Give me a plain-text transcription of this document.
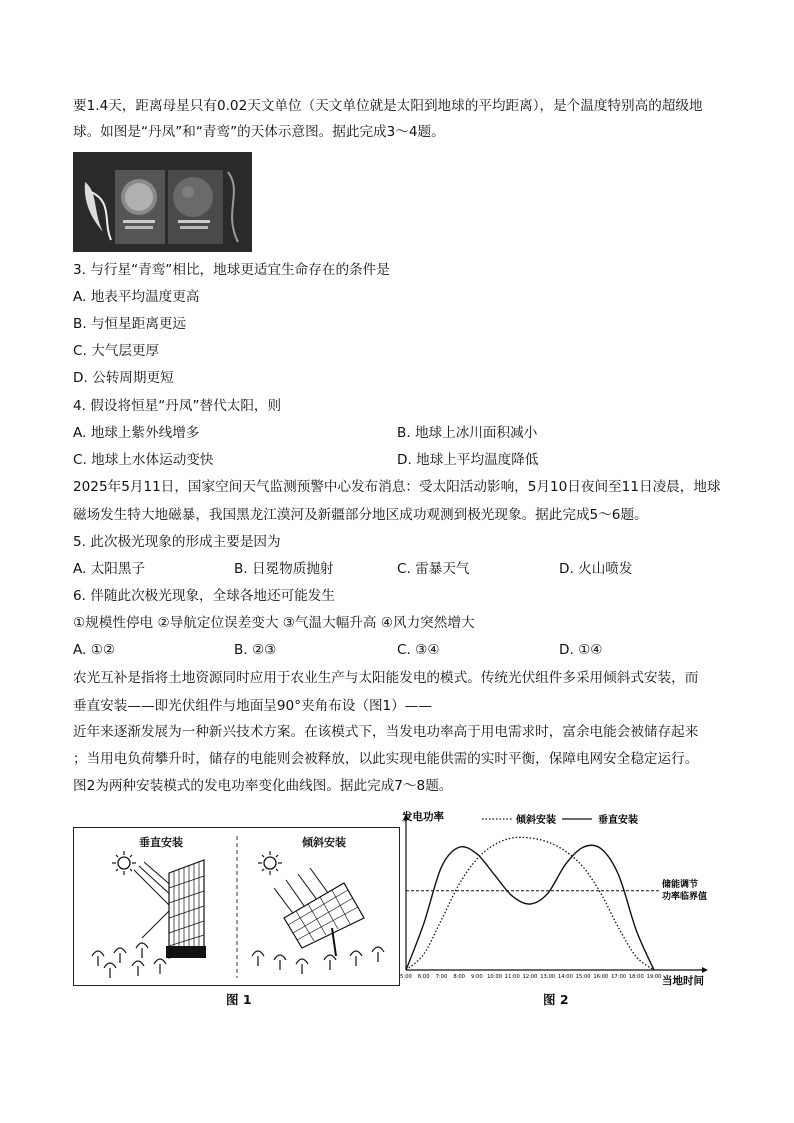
要1.4天，距离母星只有0.02天文单位（天文单位就是太阳到地球的平均距离），是个温度特别高的超级地
球。如图是“丹凤”和“青鸾”的天体示意图。据此完成3～4题。
3. 与行星“青鸾”相比，地球更适宜生命存在的条件是
A. 地表平均温度更高
B. 与恒星距离更远
C. 大气层更厚
D. 公转周期更短
4. 假设将恒星“丹凤”替代太阳，则
A. 地球上紫外线增多	B. 地球上冰川面积减小
C. 地球上水体运动变快	D. 地球上平均温度降低
2025年5月11日，国家空间天气监测预警中心发布消息：受太阳活动影响，5月10日夜间至11日凌晨，地球
磁场发生特大地磁暴，我国黑龙江漠河及新疆部分地区成功观测到极光现象。据此完成5～6题。
5. 此次极光现象的形成主要是因为
A. 太阳黑子	B. 日冕物质抛射	C. 雷暴天气	D. 火山喷发
6. 伴随此次极光现象，全球各地还可能发生
①规模性停电 ②导航定位误差变大 ③气温大幅升高 ④风力突然增大
A. ①②	B. ②③	C. ③④	D. ①④
农光互补是指将土地资源同时应用于农业生产与太阳能发电的模式。传统光伏组件多采用倾斜式安装，而
垂直安装——即光伏组件与地面呈90°夹角布设（图1）——
近年来逐渐发展为一种新兴技术方案。在该模式下，当发电功率高于用电需求时，富余电能会被储存起来
；当用电负荷攀升时，储存的电能则会被释放，以此实现电能供需的实时平衡，保障电网安全稳定运行。
图2为两种安装模式的发电功率变化曲线图。据此完成7～8题。
垂直安装	倾斜安装
图 1
发电功率
当地时间
5:00 6:00 7:00 8:00 9:00 10:00 11:00 12:00 13:00 14:00 15:00 16:00 17:00 18:00 19:00
储能调节
功率临界值
倾斜安装	垂直安装
图 2
